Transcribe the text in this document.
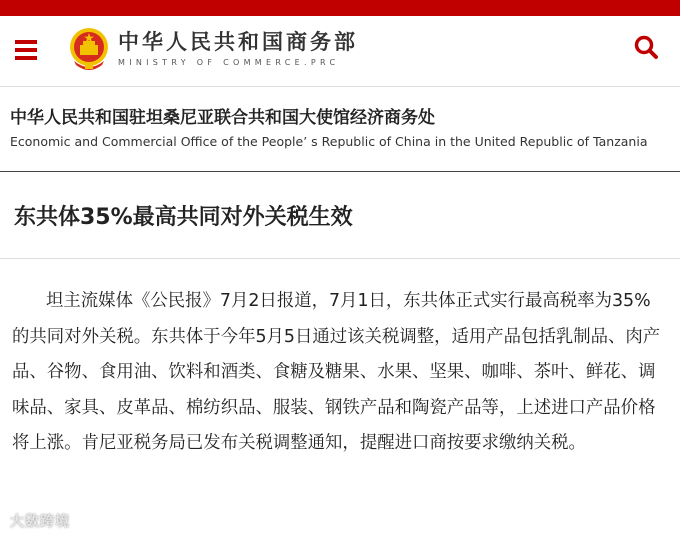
中华人民共和国商务部
MINISTRY OF COMMERCE.PRC
中华人民共和国驻坦桑尼亚联合共和国大使馆经济商务处
Economic and Commercial Office of the People’ s Republic of China in the United Republic of Tanzania
东共体35%最高共同对外关税生效

坦主流媒体《公民报》7月2日报道，7月1日，东共体正式实行最高税率为35%的共同对外关税。东共体于今年5月5日通过该关税调整，适用产品包括乳制品、肉产品、谷物、食用油、饮料和酒类、食糖及糖果、水果、坚果、咖啡、茶叶、鲜花、调味品、家具、皮革品、棉纺织品、服装、钢铁产品和陶瓷产品等，上述进口产品价格将上涨。肯尼亚税务局已发布关税调整通知，提醒进口商按要求缴纳关税。

大数跨境
